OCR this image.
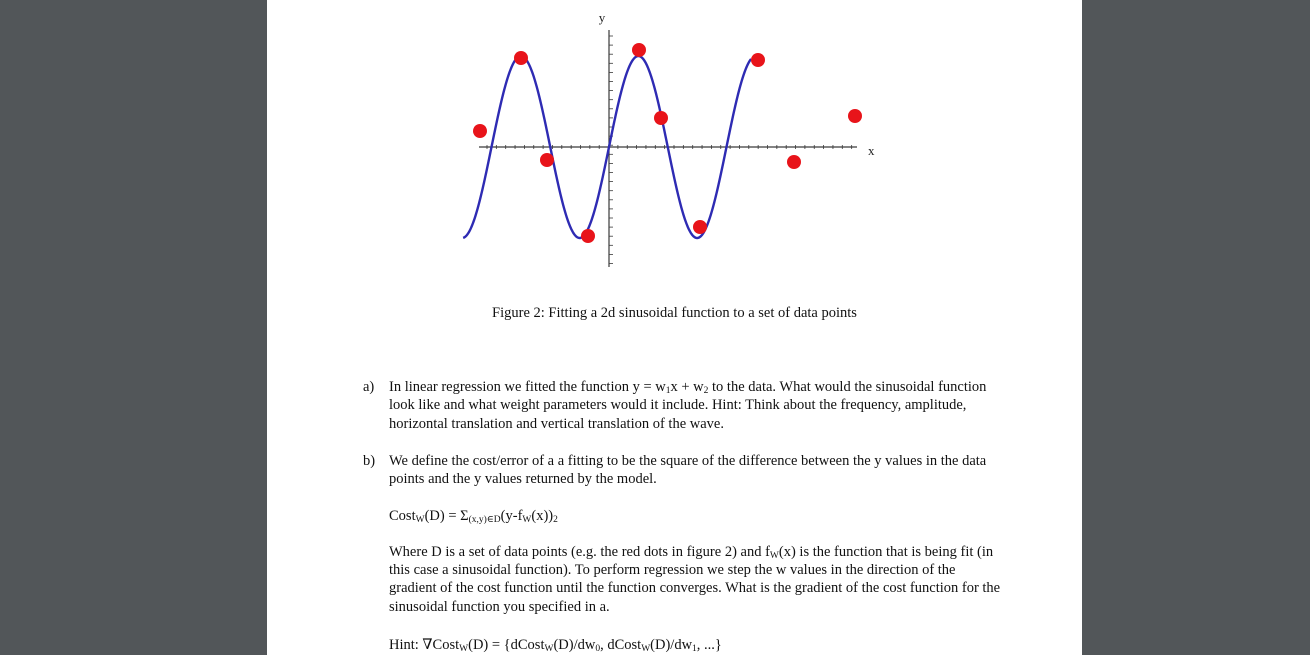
y
x
Figure 2: Fitting a 2d sinusoidal function to a set of data points
a) In linear regression we fitted the function $y = w_1x + w_2$ to the data. What would the sinusoidal function look like and what weight parameters would it include. Hint: Think about the frequency, amplitude, horizontal translation and vertical translation of the wave.
b) We define the cost/error of a a fitting to be the square of the difference between the y values in the data points and the y values returned by the model.

Cost$_W$(D) = $\Sigma_{(x,y)\in D}(y-f_W(x))_2$

Where D is a set of data points (e.g. the red dots in figure 2) and $f_W(x)$ is the function that is being fit (in this case a sinusoidal function). To perform regression we step the w values in the direction of the gradient of the cost function until the function converges. What is the gradient of the cost function for the sinusoidal function you specified in a.

Hint: ∇Cost$_W$(D) = {$dCost_W(D)/dw_0$, $dCost_W(D)/dw_1$, ...}
